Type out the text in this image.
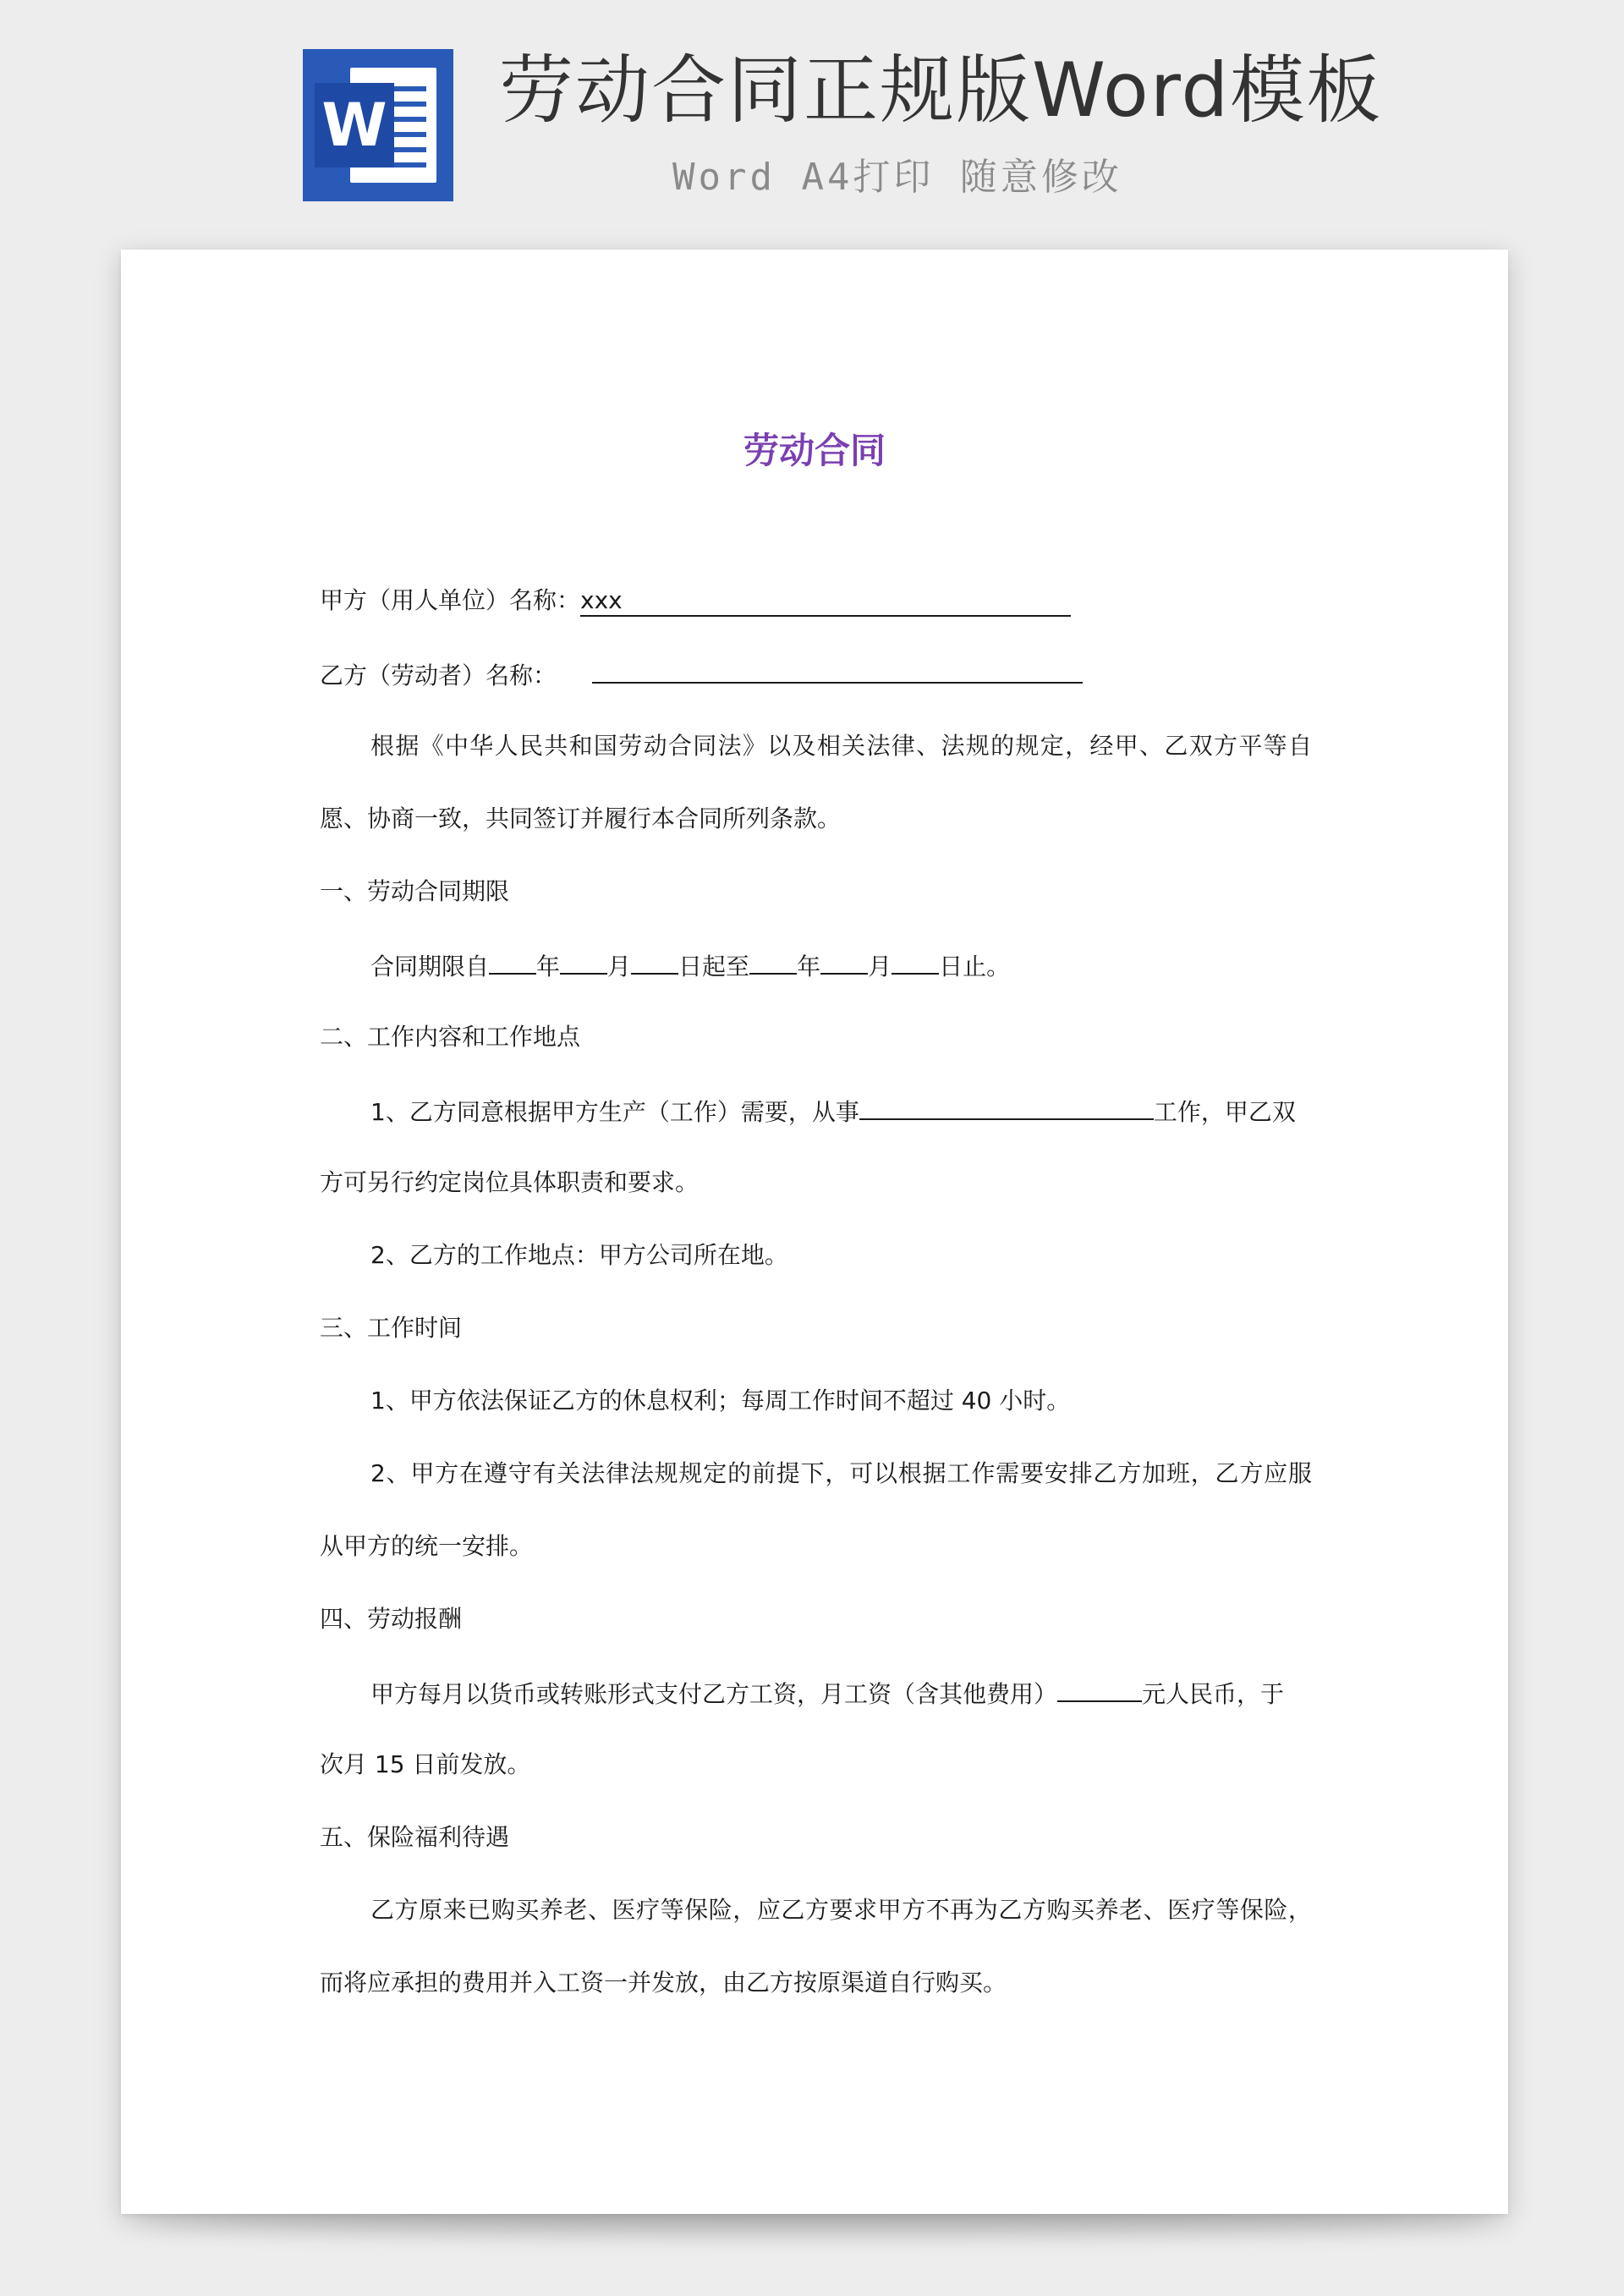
W 劳动合同正规版Word模板
Word A4打印 随意修改
劳动合同
甲方（用人单位）名称：xxx
乙方（劳动者）名称：
根据《中华人民共和国劳动合同法》以及相关法律、法规的规定，经甲、乙双方平等自
愿、协商一致，共同签订并履行本合同所列条款。
一、劳动合同期限
合同期限自 年 月 日起至 年 月 日止。
二、工作内容和工作地点
1、乙方同意根据甲方生产（工作）需要，从事	工作，甲乙双
方可另行约定岗位具体职责和要求。
2、乙方的工作地点：甲方公司所在地。
三、工作时间
1、甲方依法保证乙方的休息权利；每周工作时间不超过 40 小时。
2、甲方在遵守有关法律法规规定的前提下，可以根据工作需要安排乙方加班，乙方应服
从甲方的统一安排。
四、劳动报酬
甲方每月以货币或转账形式支付乙方工资，月工资（含其他费用）	元人民币，于
次月 15 日前发放。
五、保险福利待遇
乙方原来已购买养老、医疗等保险，应乙方要求甲方不再为乙方购买养老、医疗等保险，
而将应承担的费用并入工资一并发放，由乙方按原渠道自行购买。
